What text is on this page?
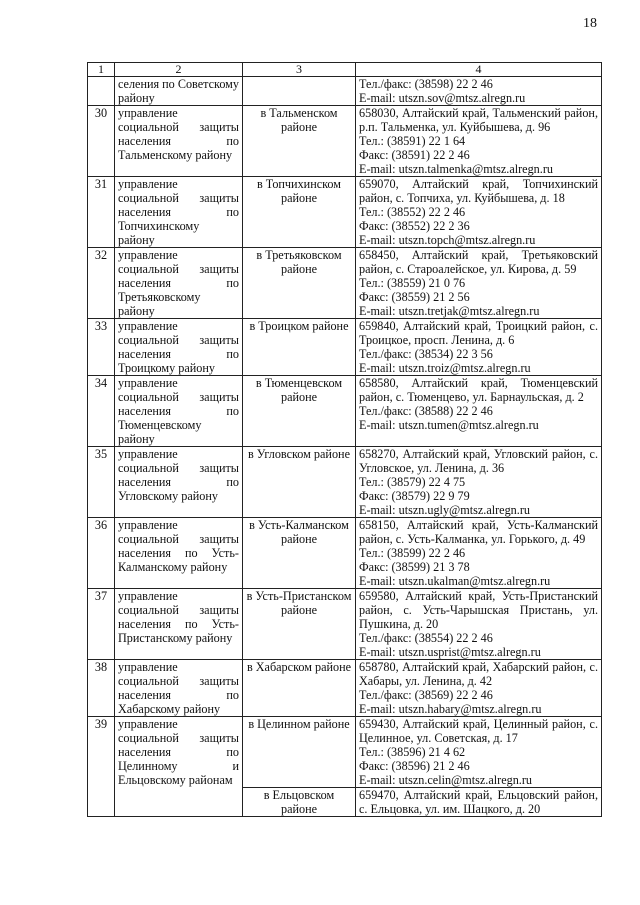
18
1	2	3	4
	селения по Советскому району		Тел./факс: (38598) 22 2 46
E-mail: utszn.sov@mtsz.alregn.ru

30	управление социальной защиты населения по Тальменскому району	в Тальменском районе	658030, Алтайский край, Тальменский район, р.п. Тальменка, ул. Куйбышева, д. 96
Тел.: (38591) 22 1 64
Факс: (38591) 22 2 46
E-mail: utszn.talmenka@mtsz.alregn.ru

31	управление социальной защиты населения по Топчихинскому району	в Топчихинском районе	659070, Алтайский край, Топчихинский район, с. Топчиха, ул. Куйбышева, д. 18
Тел.: (38552) 22 2 46
Факс: (38552) 22 2 36
E-mail: utszn.topch@mtsz.alregn.ru

32	управление социальной защиты населения по Третьяковскому району	в Третьяковском районе	658450, Алтайский край, Третьяковский район, с. Староалейское, ул. Кирова, д. 59
Тел.: (38559) 21 0 76
Факс: (38559) 21 2 56
E-mail: utszn.tretjak@mtsz.alregn.ru

33	управление социальной защиты населения по Троицкому району	в Троицком районе	659840, Алтайский край, Троицкий район, с. Троицкое, просп. Ленина, д. 6
Тел./факс: (38534) 22 3 56
E-mail: utszn.troiz@mtsz.alregn.ru

34	управление социальной защиты населения по Тюменцевскому району	в Тюменцевском районе	658580, Алтайский край, Тюменцевский район, с. Тюменцево, ул. Барнаульская, д. 2
Тел./факс: (38588) 22 2 46
E-mail: utszn.tumen@mtsz.alregn.ru

35	управление социальной защиты населения по Угловскому району	в Угловском районе	658270, Алтайский край, Угловский район, с. Угловское, ул. Ленина, д. 36
Тел.: (38579) 22 4 75
Факс: (38579) 22 9 79
E-mail: utszn.ugly@mtsz.alregn.ru

36	управление социальной защиты населения по Усть-Калманскому району	в Усть-Калманском районе	658150, Алтайский край, Усть-Калманский район, с. Усть-Калманка, ул. Горького, д. 49
Тел.: (38599) 22 2 46
Факс: (38599) 21 3 78
E-mail: utszn.ukalman@mtsz.alregn.ru

37	управление социальной защиты населения по Усть-Пристанскому району	в Усть-Пристанском районе	659580, Алтайский край, Усть-Пристанский район, с. Усть-Чарышская Пристань, ул. Пушкина, д. 20
Тел./факс: (38554) 22 2 46
E-mail: utszn.usprist@mtsz.alregn.ru

38	управление социальной защиты населения по Хабарскому району	в Хабарском районе	658780, Алтайский край, Хабарский район, с. Хабары, ул. Ленина, д. 42
Тел./факс: (38569) 22 2 46
E-mail: utszn.habary@mtsz.alregn.ru

39	управление социальной защиты населения по Целинному и Ельцовскому районам	в Целинном районе	659430, Алтайский край, Целинный район, с. Целинное, ул. Советская, д. 17
Тел.: (38596) 21 4 62
Факс: (38596) 21 2 46
E-mail: utszn.celin@mtsz.alregn.ru

		в Ельцовском районе	659470, Алтайский край, Ельцовский район, с. Ельцовка, ул. им. Шацкого, д. 20
